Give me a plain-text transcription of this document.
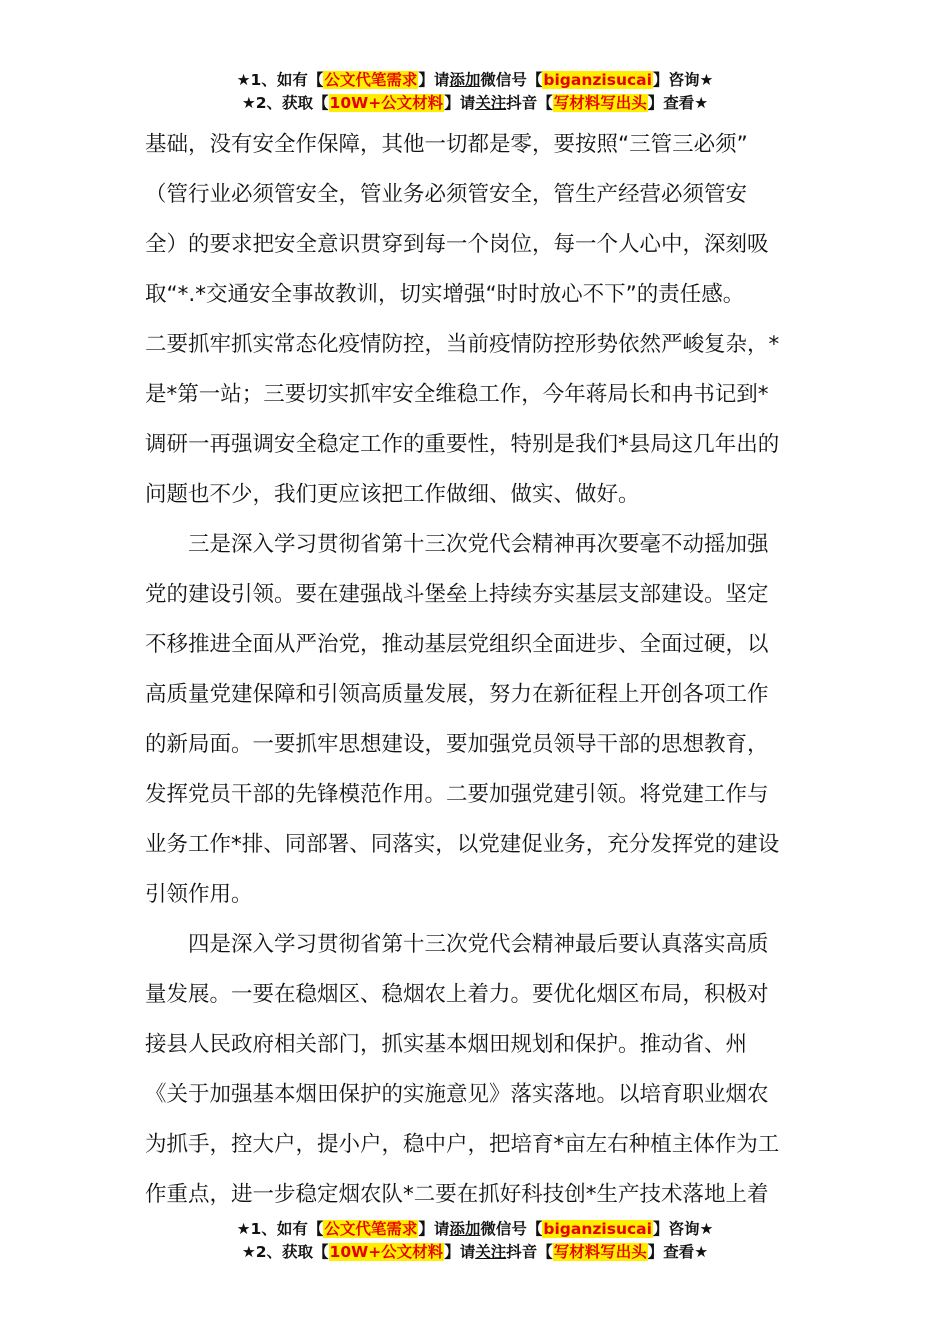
★1、如有【公文代笔需求】请添加微信号【biganzisucai】咨询★
★2、获取【10W+公文材料】请关注抖音【写材料写出头】查看★

基础，没有安全作保障，其他一切都是零，要按照“三管三必须”
（管行业必须管安全，管业务必须管安全，管生产经营必须管安
全）的要求把安全意识贯穿到每一个岗位，每一个人心中，深刻吸
取“*.*交通安全事故教训，切实增强“时时放心不下”的责任感。
二要抓牢抓实常态化疫情防控，当前疫情防控形势依然严峻复杂，*
是*第一站；三要切实抓牢安全维稳工作，今年蒋局长和冉书记到*
调研一再强调安全稳定工作的重要性，特别是我们*县局这几年出的
问题也不少，我们更应该把工作做细、做实、做好。

三是深入学习贯彻省第十三次党代会精神再次要毫不动摇加强
党的建设引领。要在建强战斗堡垒上持续夯实基层支部建设。坚定
不移推进全面从严治党，推动基层党组织全面进步、全面过硬，以
高质量党建保障和引领高质量发展，努力在新征程上开创各项工作
的新局面。一要抓牢思想建设，要加强党员领导干部的思想教育，
发挥党员干部的先锋模范作用。二要加强党建引领。将党建工作与
业务工作*排、同部署、同落实，以党建促业务，充分发挥党的建设
引领作用。

四是深入学习贯彻省第十三次党代会精神最后要认真落实高质
量发展。一要在稳烟区、稳烟农上着力。要优化烟区布局，积极对
接县人民政府相关部门，抓实基本烟田规划和保护。推动省、州
《关于加强基本烟田保护的实施意见》落实落地。以培育职业烟农
为抓手，控大户，提小户，稳中户，把培育*亩左右种植主体作为工
作重点，进一步稳定烟农队*二要在抓好科技创*生产技术落地上着

★1、如有【公文代笔需求】请添加微信号【biganzisucai】咨询★
★2、获取【10W+公文材料】请关注抖音【写材料写出头】查看★
